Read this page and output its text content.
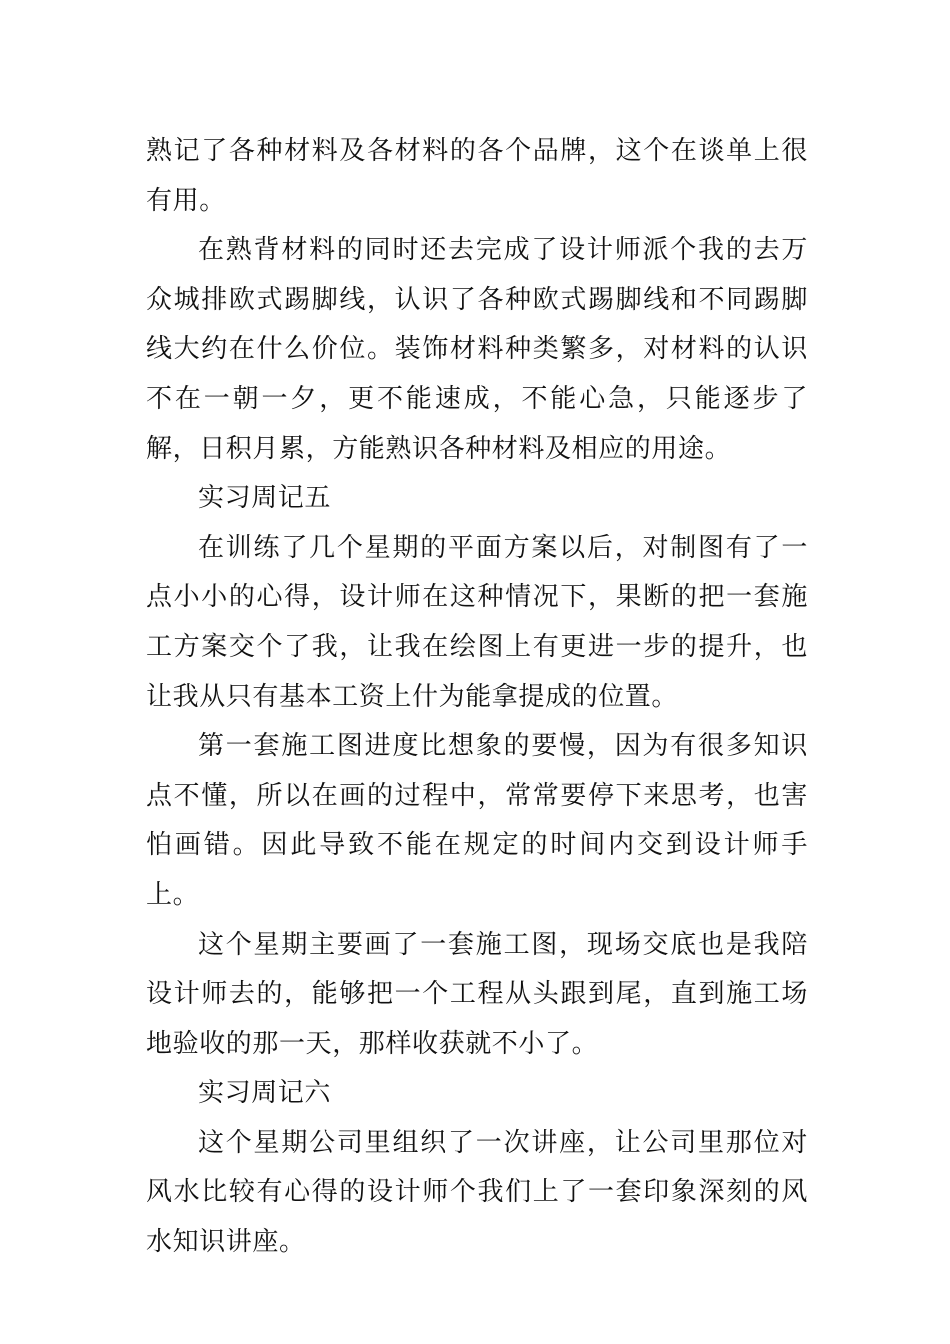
熟记了各种材料及各材料的各个品牌，这个在谈单上很有用。

在熟背材料的同时还去完成了设计师派个我的去万众城排欧式踢脚线，认识了各种欧式踢脚线和不同踢脚线大约在什么价位。装饰材料种类繁多，对材料的认识不在一朝一夕，更不能速成，不能心急，只能逐步了解，日积月累，方能熟识各种材料及相应的用途。

实习周记五

在训练了几个星期的平面方案以后，对制图有了一点小小的心得，设计师在这种情况下，果断的把一套施工方案交个了我，让我在绘图上有更进一步的提升，也让我从只有基本工资上什为能拿提成的位置。

第一套施工图进度比想象的要慢，因为有很多知识点不懂，所以在画的过程中，常常要停下来思考，也害怕画错。因此导致不能在规定的时间内交到设计师手上。

这个星期主要画了一套施工图，现场交底也是我陪设计师去的，能够把一个工程从头跟到尾，直到施工场地验收的那一天，那样收获就不小了。

实习周记六

这个星期公司里组织了一次讲座，让公司里那位对风水比较有心得的设计师个我们上了一套印象深刻的风水知识讲座。
